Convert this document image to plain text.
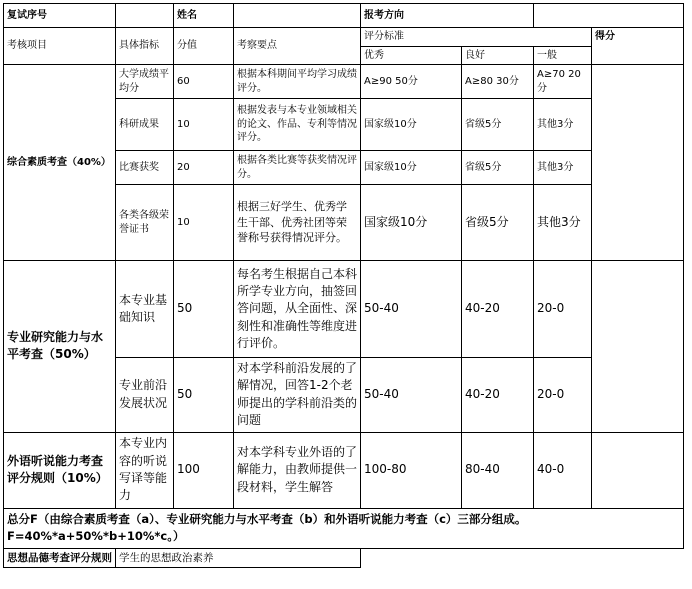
复试序号		姓名		报考方向			
考核项目	具体指标	分值	考察要点	评分标准			得分
				优秀	良好	一般	
综合素质考查（40%）	大学成绩平均分	60	根据本科期间平均学习成绩评分。	A≥90 50分	A≥80 30分	A≥70 20分	
	科研成果	10	根据发表与本专业领域相关的论文、作品、专利等情况评分。	国家级10分	省级5分	其他3分	
	比赛获奖	20	根据各类比赛等获奖情况评分。	国家级10分	省级5分	其他3分	
	各类各级荣誉证书	10	根据三好学生、优秀学生干部、优秀社团等荣誉称号获得情况评分。	国家级10分	省级5分	其他3分	
专业研究能力与水平考查（50%）	本专业基础知识	50	每名考生根据自己本科所学专业方向，抽签回答问题，从全面性、深刻性和准确性等维度进行评价。	50-40	40-20	20-0	
	专业前沿发展状况	50	对本学科前沿发展的了解情况，回答1-2个老师提出的学科前沿类的问题	50-40	40-20	20-0	
外语听说能力考查评分规则（10%）	本专业内容的听说写译等能力	100	对本学科专业外语的了解能力，由教师提供一段材料，学生解答	100-80	80-40	40-0	

总分F（由综合素质考查（a）、专业研究能力与水平考查（b）和外语听说能力考查（c）三部分组成。
F=40%*a+50%*b+10%*c。）							

思想品德考查评分规则	学生的思想政治素养						
